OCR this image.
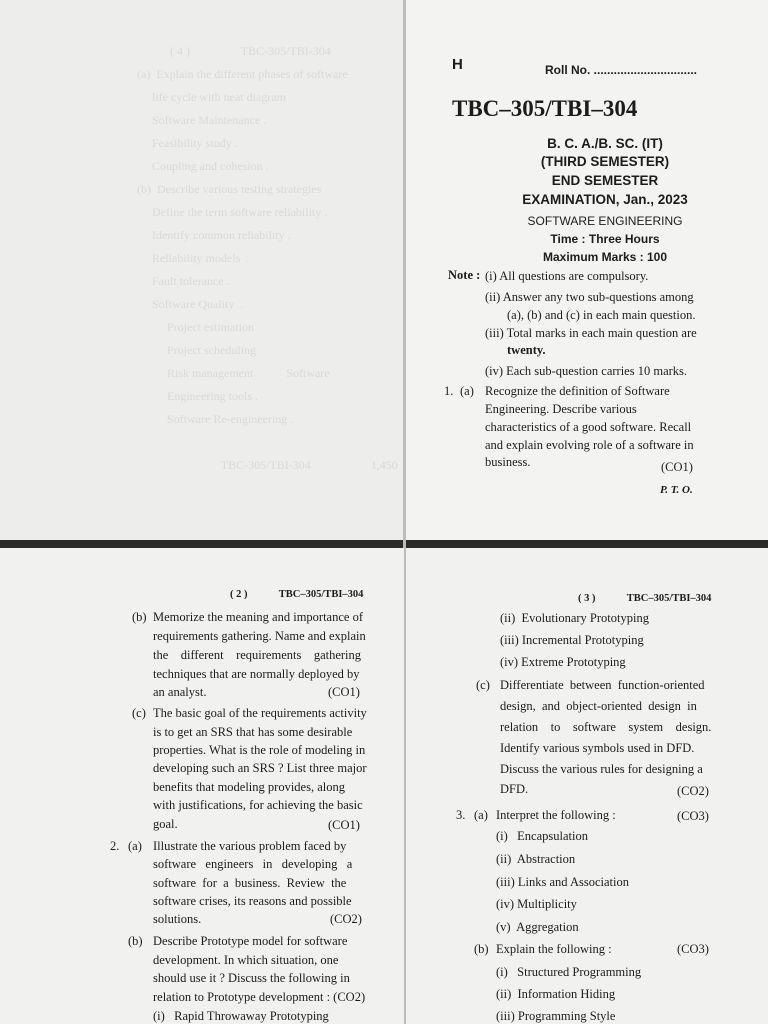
( 4 )                 TBC-305/TBI-304
(a)  Explain the different phases of software
life cycle with neat diagram
Software Maintenance .
Feasibility study .
Coupling and cohesion .
(b)  Describe various testing strategies
Define the term software reliability .
Identify common reliability .
Reliability models  .
Fault tolerance .
Software Quality  .
Project estimation
Project scheduling
Risk management           Software
Engineering tools .
Software Re-engineering .

TBC-305/TBI-304                    1,450
H	Roll No. ...............................
TBC–305/TBI–304
B. C. A./B. SC. (IT)
(THIRD SEMESTER)
END SEMESTER
EXAMINATION, Jan., 2023
SOFTWARE ENGINEERING
Time : Three Hours
Maximum Marks : 100
Note : (i) All questions are compulsory.
(ii) Answer any two sub-questions among
(a), (b) and (c) in each main question.
(iii) Total marks in each main question are
twenty.
(iv) Each sub-question carries 10 marks.
1. (a) Recognize the definition of Software
Engineering. Describe various
characteristics of a good software. Recall
and explain evolving role of a software in
business.	(CO1)
P. T. O.
( 2 )            TBC–305/TBI–304
(b) Memorize the meaning and importance of
requirements gathering. Name and explain
the    different    requirements    gathering
techniques that are normally deployed by
an analyst.	(CO1)
(c) The basic goal of the requirements activity
is to get an SRS that has some desirable
properties. What is the role of modeling in
developing such an SRS ? List three major
benefits that modeling provides, along
with justifications, for achieving the basic
goal.	(CO1)
2. (a) Illustrate the various problem faced by
software   engineers   in   developing   a
software  for  a  business.  Review  the
software crises, its reasons and possible
solutions.	(CO2)
(b) Describe Prototype model for software
development. In which situation, one
should use it ? Discuss the following in
relation to Prototype development : (CO2)
(i)   Rapid Throwaway Prototyping
( 3 )            TBC–305/TBI–304
(ii)  Evolutionary Prototyping
(iii) Incremental Prototyping
(iv) Extreme Prototyping
(c) Differentiate  between  function-oriented
design,  and  object-oriented  design  in
relation    to    software    system    design.
Identify various symbols used in DFD.
Discuss the various rules for designing a
DFD.	(CO2)
3. (a) Interpret the following :	(CO3)
(i)   Encapsulation
(ii)  Abstraction
(iii) Links and Association
(iv) Multiplicity
(v)  Aggregation
(b) Explain the following :	(CO3)
(i)   Structured Programming
(ii)  Information Hiding
(iii) Programming Style
